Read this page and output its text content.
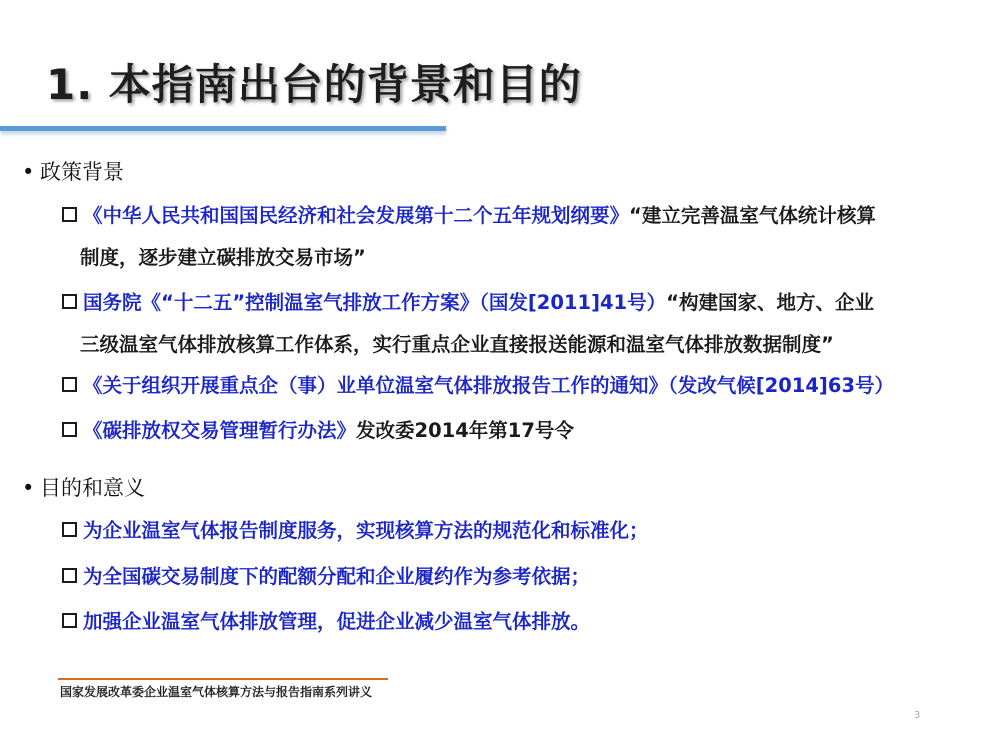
1. 本指南出台的背景和目的
• 政策背景
《中华人民共和国国民经济和社会发展第十二个五年规划纲要》“建立完善温室气体统计核算
制度，逐步建立碳排放交易市场”
国务院《“十二五”控制温室气排放工作方案》（国发[2011]41号）“构建国家、地方、企业
三级温室气体排放核算工作体系，实行重点企业直接报送能源和温室气体排放数据制度”
《关于组织开展重点企（事）业单位温室气体排放报告工作的通知》（发改气候[2014]63号）
《碳排放权交易管理暂行办法》发改委2014年第17号令
• 目的和意义
为企业温室气体报告制度服务，实现核算方法的规范化和标准化；
为全国碳交易制度下的配额分配和企业履约作为参考依据；
加强企业温室气体排放管理，促进企业减少温室气体排放。
国家发展改革委企业温室气体核算方法与报告指南系列讲义
3
